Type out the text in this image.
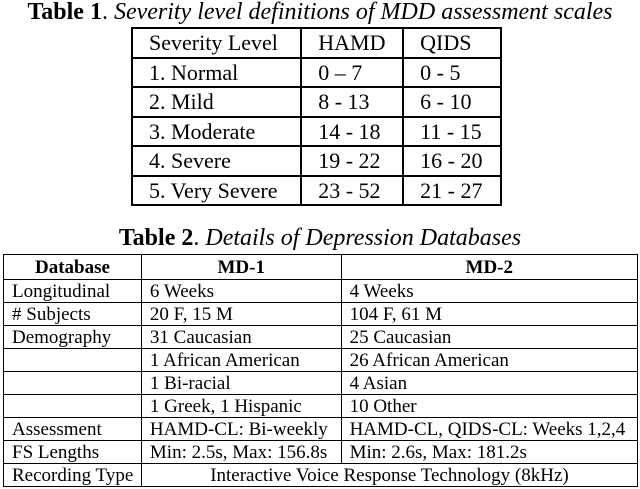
Table 1. Severity level definitions of MDD assessment scales
Severity Level	HAMD	QIDS
1. Normal	0 – 7	0 - 5
2. Mild	8 - 13	6 - 10
3. Moderate	14 - 18	11 - 15
4. Severe	19 - 22	16 - 20
5. Very Severe	23 - 52	21 - 27
Table 2. Details of Depression Databases
Database	MD-1	MD-2
Longitudinal	6 Weeks	4 Weeks
# Subjects	20 F, 15 M	104 F, 61 M
Demography	31 Caucasian	25 Caucasian
	1 African American	26 African American
	1 Bi-racial	4 Asian
	1 Greek, 1 Hispanic	10 Other
Assessment	HAMD-CL: Bi-weekly	HAMD-CL, QIDS-CL: Weeks 1,2,4
FS Lengths	Min: 2.5s, Max: 156.8s	Min: 2.6s, Max: 181.2s
Recording Type	Interactive Voice Response Technology (8kHz)	
